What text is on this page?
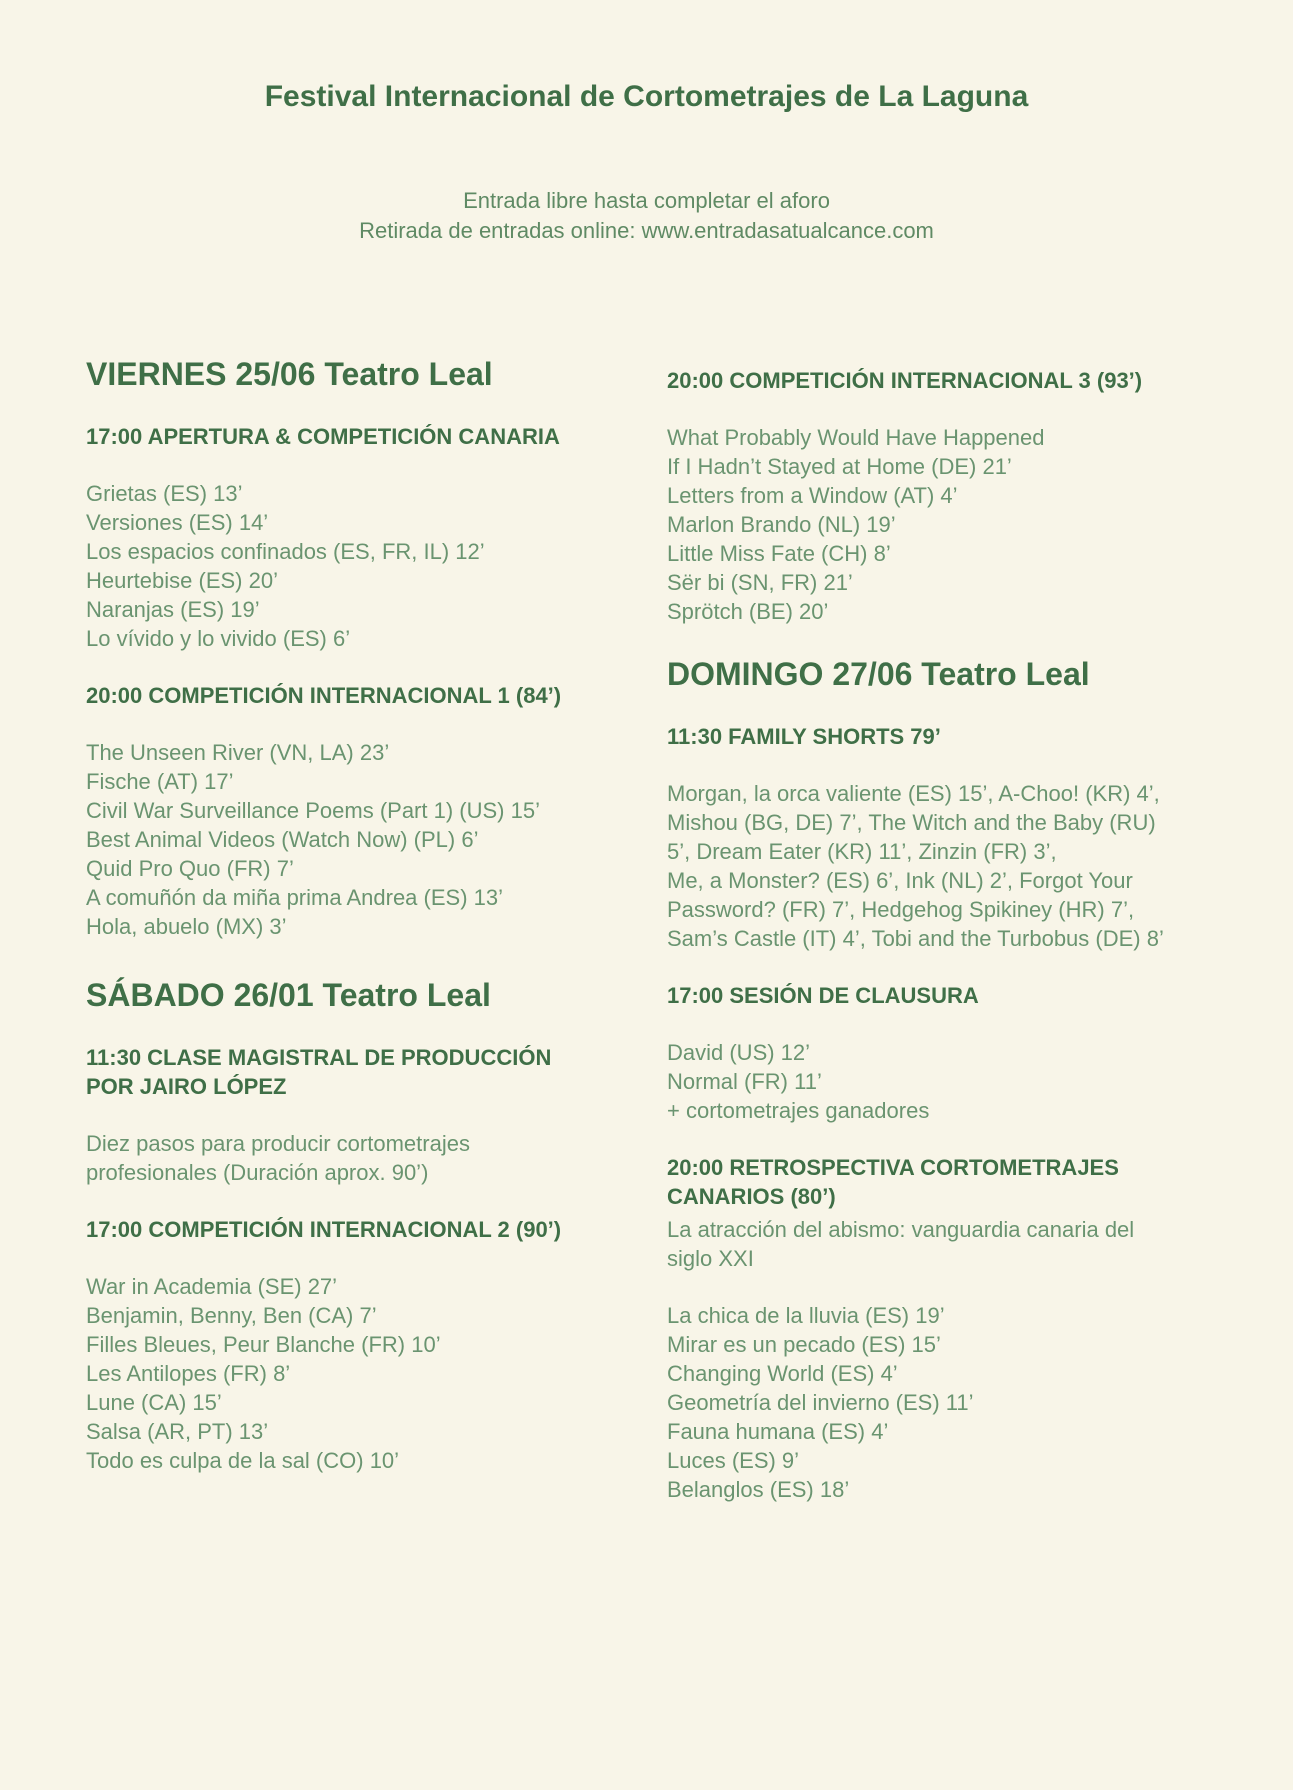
Festival Internacional de Cortometrajes de La Laguna
Entrada libre hasta completar el aforo
Retirada de entradas online: www.entradasatualcance.com
VIERNES 25/06 Teatro Leal
17:00 APERTURA & COMPETICIÓN CANARIA
Grietas (ES) 13’
Versiones (ES) 14’
Los espacios confinados (ES, FR, IL) 12’
Heurtebise (ES) 20’
Naranjas (ES) 19’
Lo vívido y lo vivido (ES) 6’
20:00 COMPETICIÓN INTERNACIONAL 1 (84’)
The Unseen River (VN, LA) 23’
Fische (AT) 17’
Civil War Surveillance Poems (Part 1) (US) 15’
Best Animal Videos (Watch Now) (PL) 6’
Quid Pro Quo (FR) 7’
A comuñón da miña prima Andrea (ES) 13’
Hola, abuelo (MX) 3’
SÁBADO 26/01 Teatro Leal
11:30 CLASE MAGISTRAL DE PRODUCCIÓN
POR JAIRO LÓPEZ
Diez pasos para producir cortometrajes
profesionales (Duración aprox. 90’)
17:00 COMPETICIÓN INTERNACIONAL 2 (90’)
War in Academia (SE) 27’
Benjamin, Benny, Ben (CA) 7’
Filles Bleues, Peur Blanche (FR) 10’
Les Antilopes (FR) 8’
Lune (CA) 15’
Salsa (AR, PT) 13’
Todo es culpa de la sal (CO) 10’
20:00 COMPETICIÓN INTERNACIONAL 3 (93’)
What Probably Would Have Happened
If I Hadn’t Stayed at Home (DE) 21’
Letters from a Window (AT) 4’
Marlon Brando (NL) 19’
Little Miss Fate (CH) 8’
Sër bi (SN, FR) 21’
Sprötch (BE) 20’
DOMINGO 27/06 Teatro Leal
11:30 FAMILY SHORTS 79’
Morgan, la orca valiente (ES) 15’, A-Choo! (KR) 4’,
Mishou (BG, DE) 7’, The Witch and the Baby (RU)
5’, Dream Eater (KR) 11’, Zinzin (FR) 3’,
Me, a Monster? (ES) 6’, Ink (NL) 2’, Forgot Your
Password? (FR) 7’, Hedgehog Spikiney (HR) 7’,
Sam’s Castle (IT) 4’, Tobi and the Turbobus (DE) 8’
17:00 SESIÓN DE CLAUSURA
David (US) 12’
Normal (FR) 11’
+ cortometrajes ganadores
20:00 RETROSPECTIVA CORTOMETRAJES
CANARIOS (80’)
La atracción del abismo: vanguardia canaria del
siglo XXI
La chica de la lluvia (ES) 19’
Mirar es un pecado (ES) 15’
Changing World (ES) 4’
Geometría del invierno (ES) 11’
Fauna humana (ES) 4’
Luces (ES) 9’
Belanglos (ES) 18’
